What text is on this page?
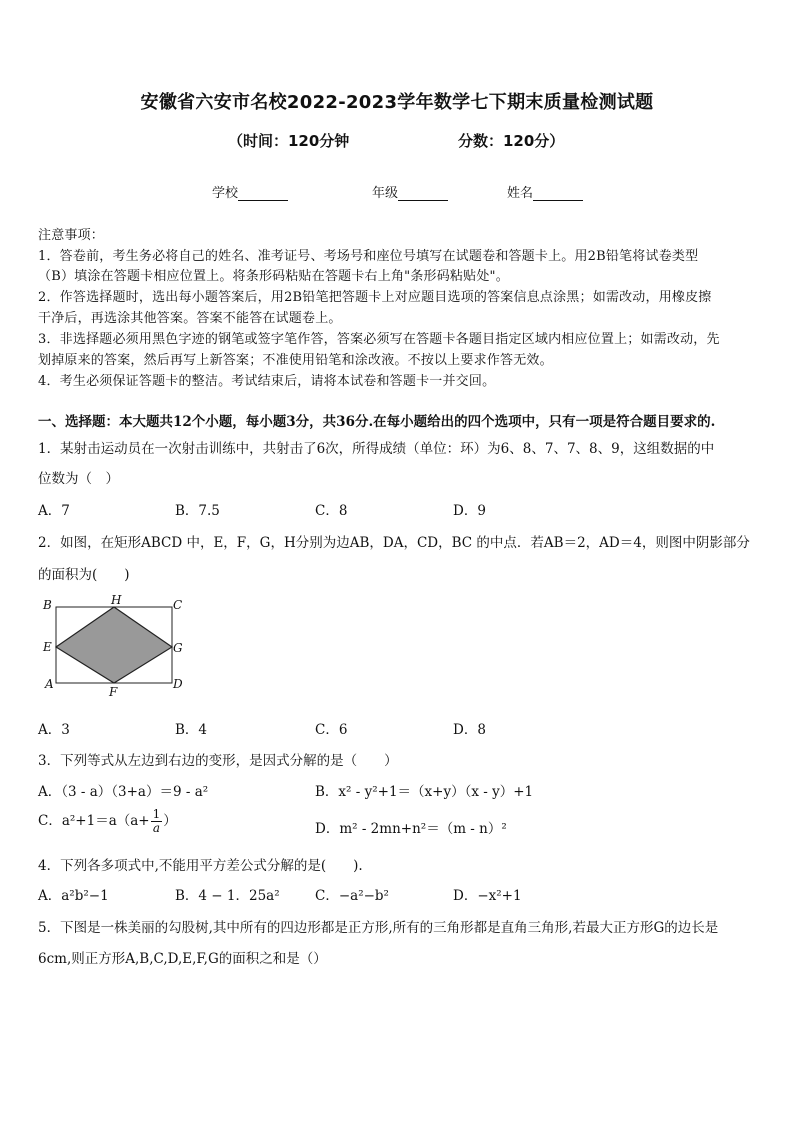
安徽省六安市名校2022-2023学年数学七下期末质量检测试题
（时间：120分钟	分数：120分）
学校	年级	姓名
注意事项：
1．答卷前，考生务必将自己的姓名、准考证号、考场号和座位号填写在试题卷和答题卡上。用2B铅笔将试卷类型
（B）填涂在答题卡相应位置上。将条形码粘贴在答题卡右上角"条形码粘贴处"。
2．作答选择题时，选出每小题答案后，用2B铅笔把答题卡上对应题目选项的答案信息点涂黑；如需改动，用橡皮擦
干净后，再选涂其他答案。答案不能答在试题卷上。
3．非选择题必须用黑色字迹的钢笔或签字笔作答，答案必须写在答题卡各题目指定区域内相应位置上；如需改动，先
划掉原来的答案，然后再写上新答案；不准使用铅笔和涂改液。不按以上要求作答无效。
4．考生必须保证答题卡的整洁。考试结束后，请将本试卷和答题卡一并交回。
一、选择题：本大题共12个小题，每小题3分，共36分.在每小题给出的四个选项中，只有一项是符合题目要求的.
1．某射击运动员在一次射击训练中，共射击了6次，所得成绩（单位：环）为6、8、7、7、8、9，这组数据的中
位数为（　）
A．7	B．7.5	C．8	D．9
2．如图，在矩形ABCD 中，E，F，G，H分别为边AB，DA，CD，BC 的中点．若AB＝2，AD＝4，则图中阴影部分
的面积为(　　)
B	H	C
E	G
A
F
D
A．3	B．4	C．6	D．8
3．下列等式从左边到右边的变形，是因式分解的是（　　）
A．（3 - a）（3+a）＝9 - a²	B．x² - y²+1＝（x+y）（x - y）+1
C．$a^2+1=a(a+ \frac{1}{a}$ ）	D．m² - 2mn+n²＝（m - n）²
4．下列各多项式中,不能用平方差公式分解的是(　　).
A．a²b²−1	B．4 − 1．25a²	C．−a²−b²	D．−x²+1
5．下图是一株美丽的勾股树,其中所有的四边形都是正方形,所有的三角形都是直角三角形,若最大正方形G的边长是
6cm,则正方形A,B,C,D,E,F,G的面积之和是（）
